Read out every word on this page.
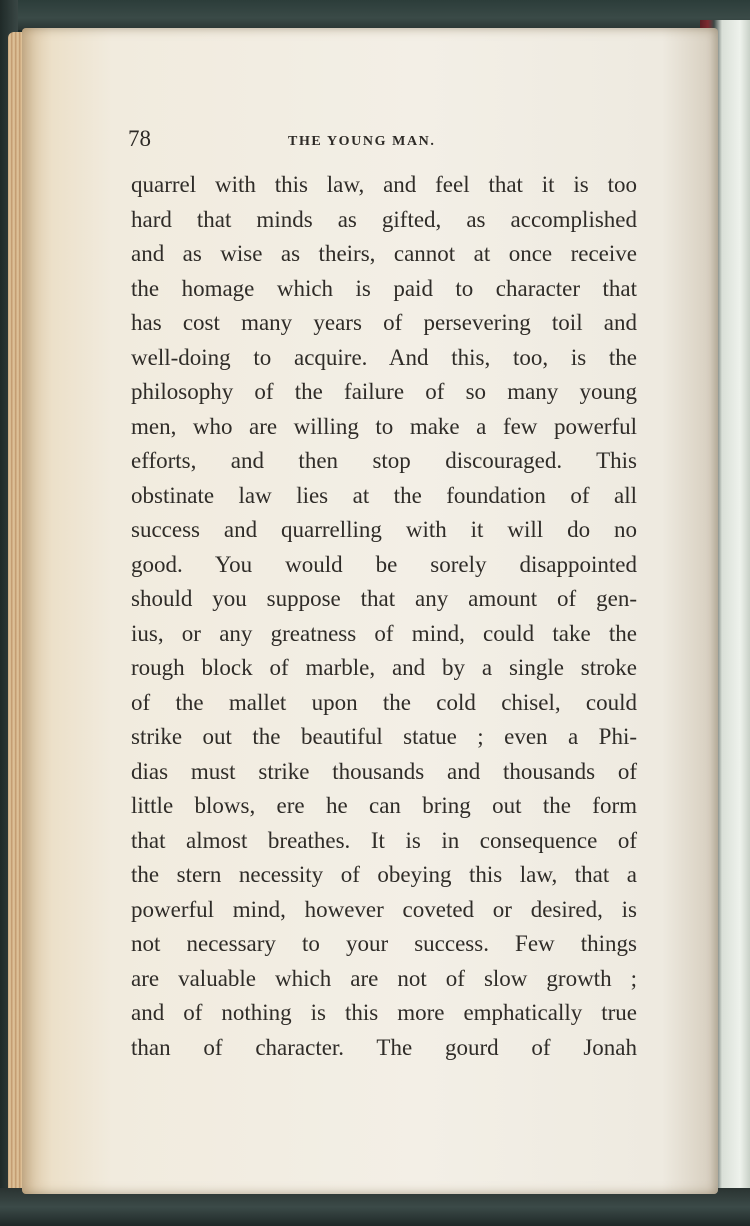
78	THE YOUNG MAN.
quarrel with this law, and feel that it is too
hard that minds as gifted, as accomplished
and as wise as theirs, cannot at once receive
the homage which is paid to character that
has cost many years of persevering toil and
well-doing to acquire. And this, too, is the
philosophy of the failure of so many young
men, who are willing to make a few powerful
efforts, and then stop discouraged. This
obstinate law lies at the foundation of all
success and quarrelling with it will do no
good. You would be sorely disappointed
should you suppose that any amount of gen-
ius, or any greatness of mind, could take the
rough block of marble, and by a single stroke
of the mallet upon the cold chisel, could
strike out the beautiful statue ; even a Phi-
dias must strike thousands and thousands of
little blows, ere he can bring out the form
that almost breathes. It is in consequence of
the stern necessity of obeying this law, that a
powerful mind, however coveted or desired, is
not necessary to your success. Few things
are valuable which are not of slow growth ;
and of nothing is this more emphatically true
than of character. The gourd of Jonah
